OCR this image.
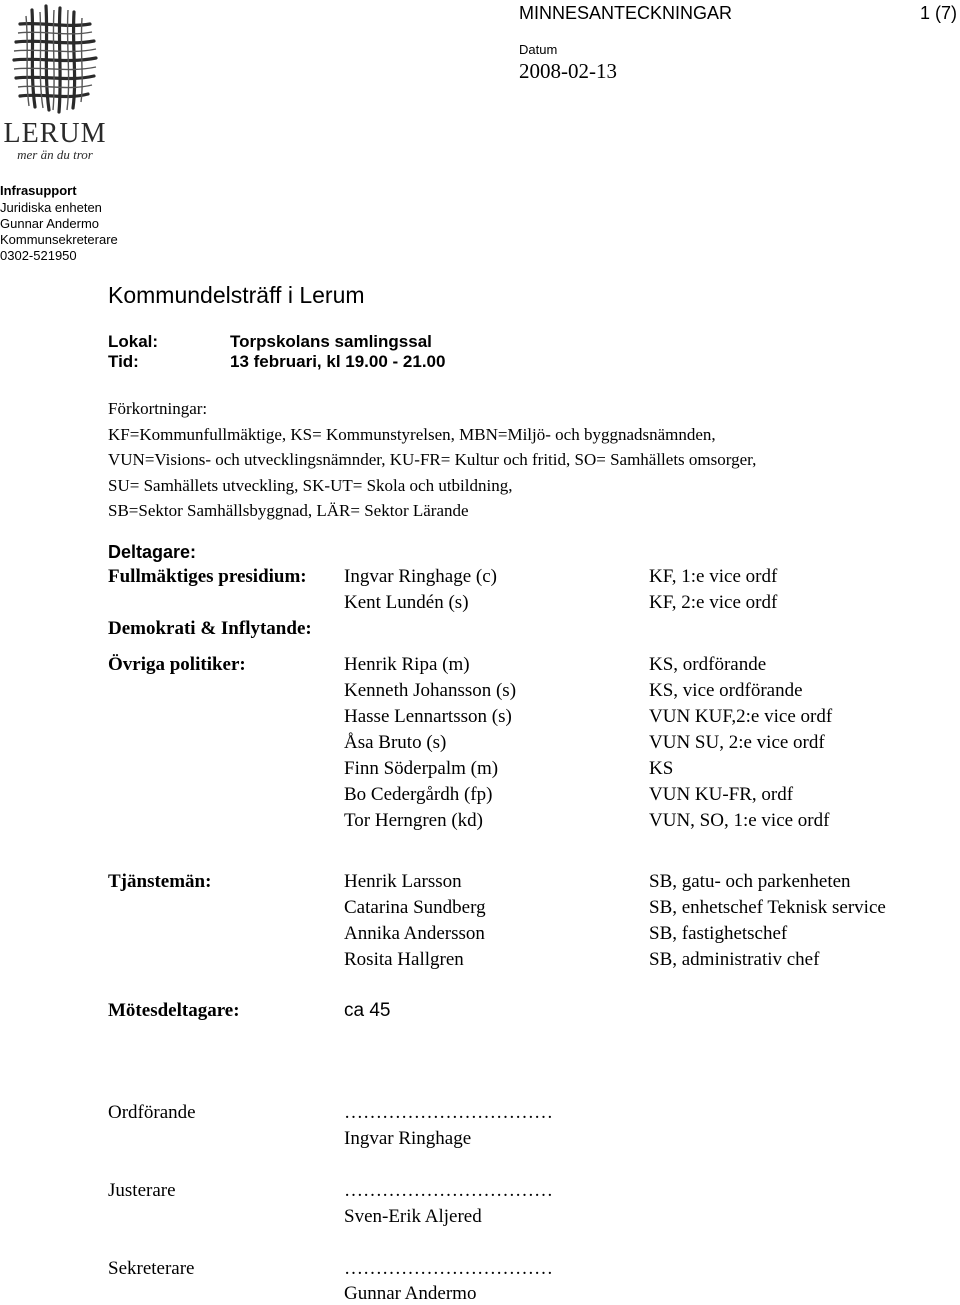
LERUM
mer än du tror
MINNESANTECKNINGAR	1 (7)
Datum
2008-02-13
Infrasupport
Juridiska enheten
Gunnar Andermo
Kommunsekreterare
0302-521950
Kommundelsträff i Lerum
Lokal:	Torpskolans samlingssal
Tid:	13 februari, kl 19.00 - 21.00
Förkortningar:
KF=Kommunfullmäktige, KS= Kommunstyrelsen, MBN=Miljö- och byggnadsnämnden,
VUN=Visions- och utvecklingsnämnder, KU-FR= Kultur och fritid, SO= Samhällets omsorger,
SU= Samhällets utveckling, SK-UT= Skola och utbildning,
SB=Sektor Samhällsbyggnad, LÄR= Sektor Lärande
Deltagare:
Fullmäktiges presidium: Ingvar Ringhage (c)	KF, 1:e vice ordf
Kent Lundén (s)	KF, 2:e vice ordf
Demokrati & Inflytande:
Övriga politiker:	Henrik Ripa (m)	KS, ordförande
Kenneth Johansson (s)	KS, vice ordförande
Hasse Lennartsson (s)	VUN KUF,2:e vice ordf
Åsa Bruto (s)	VUN SU, 2:e vice ordf
Finn Söderpalm (m)	KS
Bo Cedergårdh (fp)	VUN KU-FR, ordf
Tor Herngren (kd)	VUN, SO, 1:e vice ordf
Tjänstemän:	Henrik Larsson	SB, gatu- och parkenheten
Catarina Sundberg	SB, enhetschef Teknisk service
Annika Andersson	SB, fastighetschef
Rosita Hallgren	SB, administrativ chef
Mötesdeltagare:	ca 45
Ordförande	……………………………
Ingvar Ringhage
Justerare	……………………………
Sven-Erik Aljered
Sekreterare	……………………………
Gunnar Andermo
